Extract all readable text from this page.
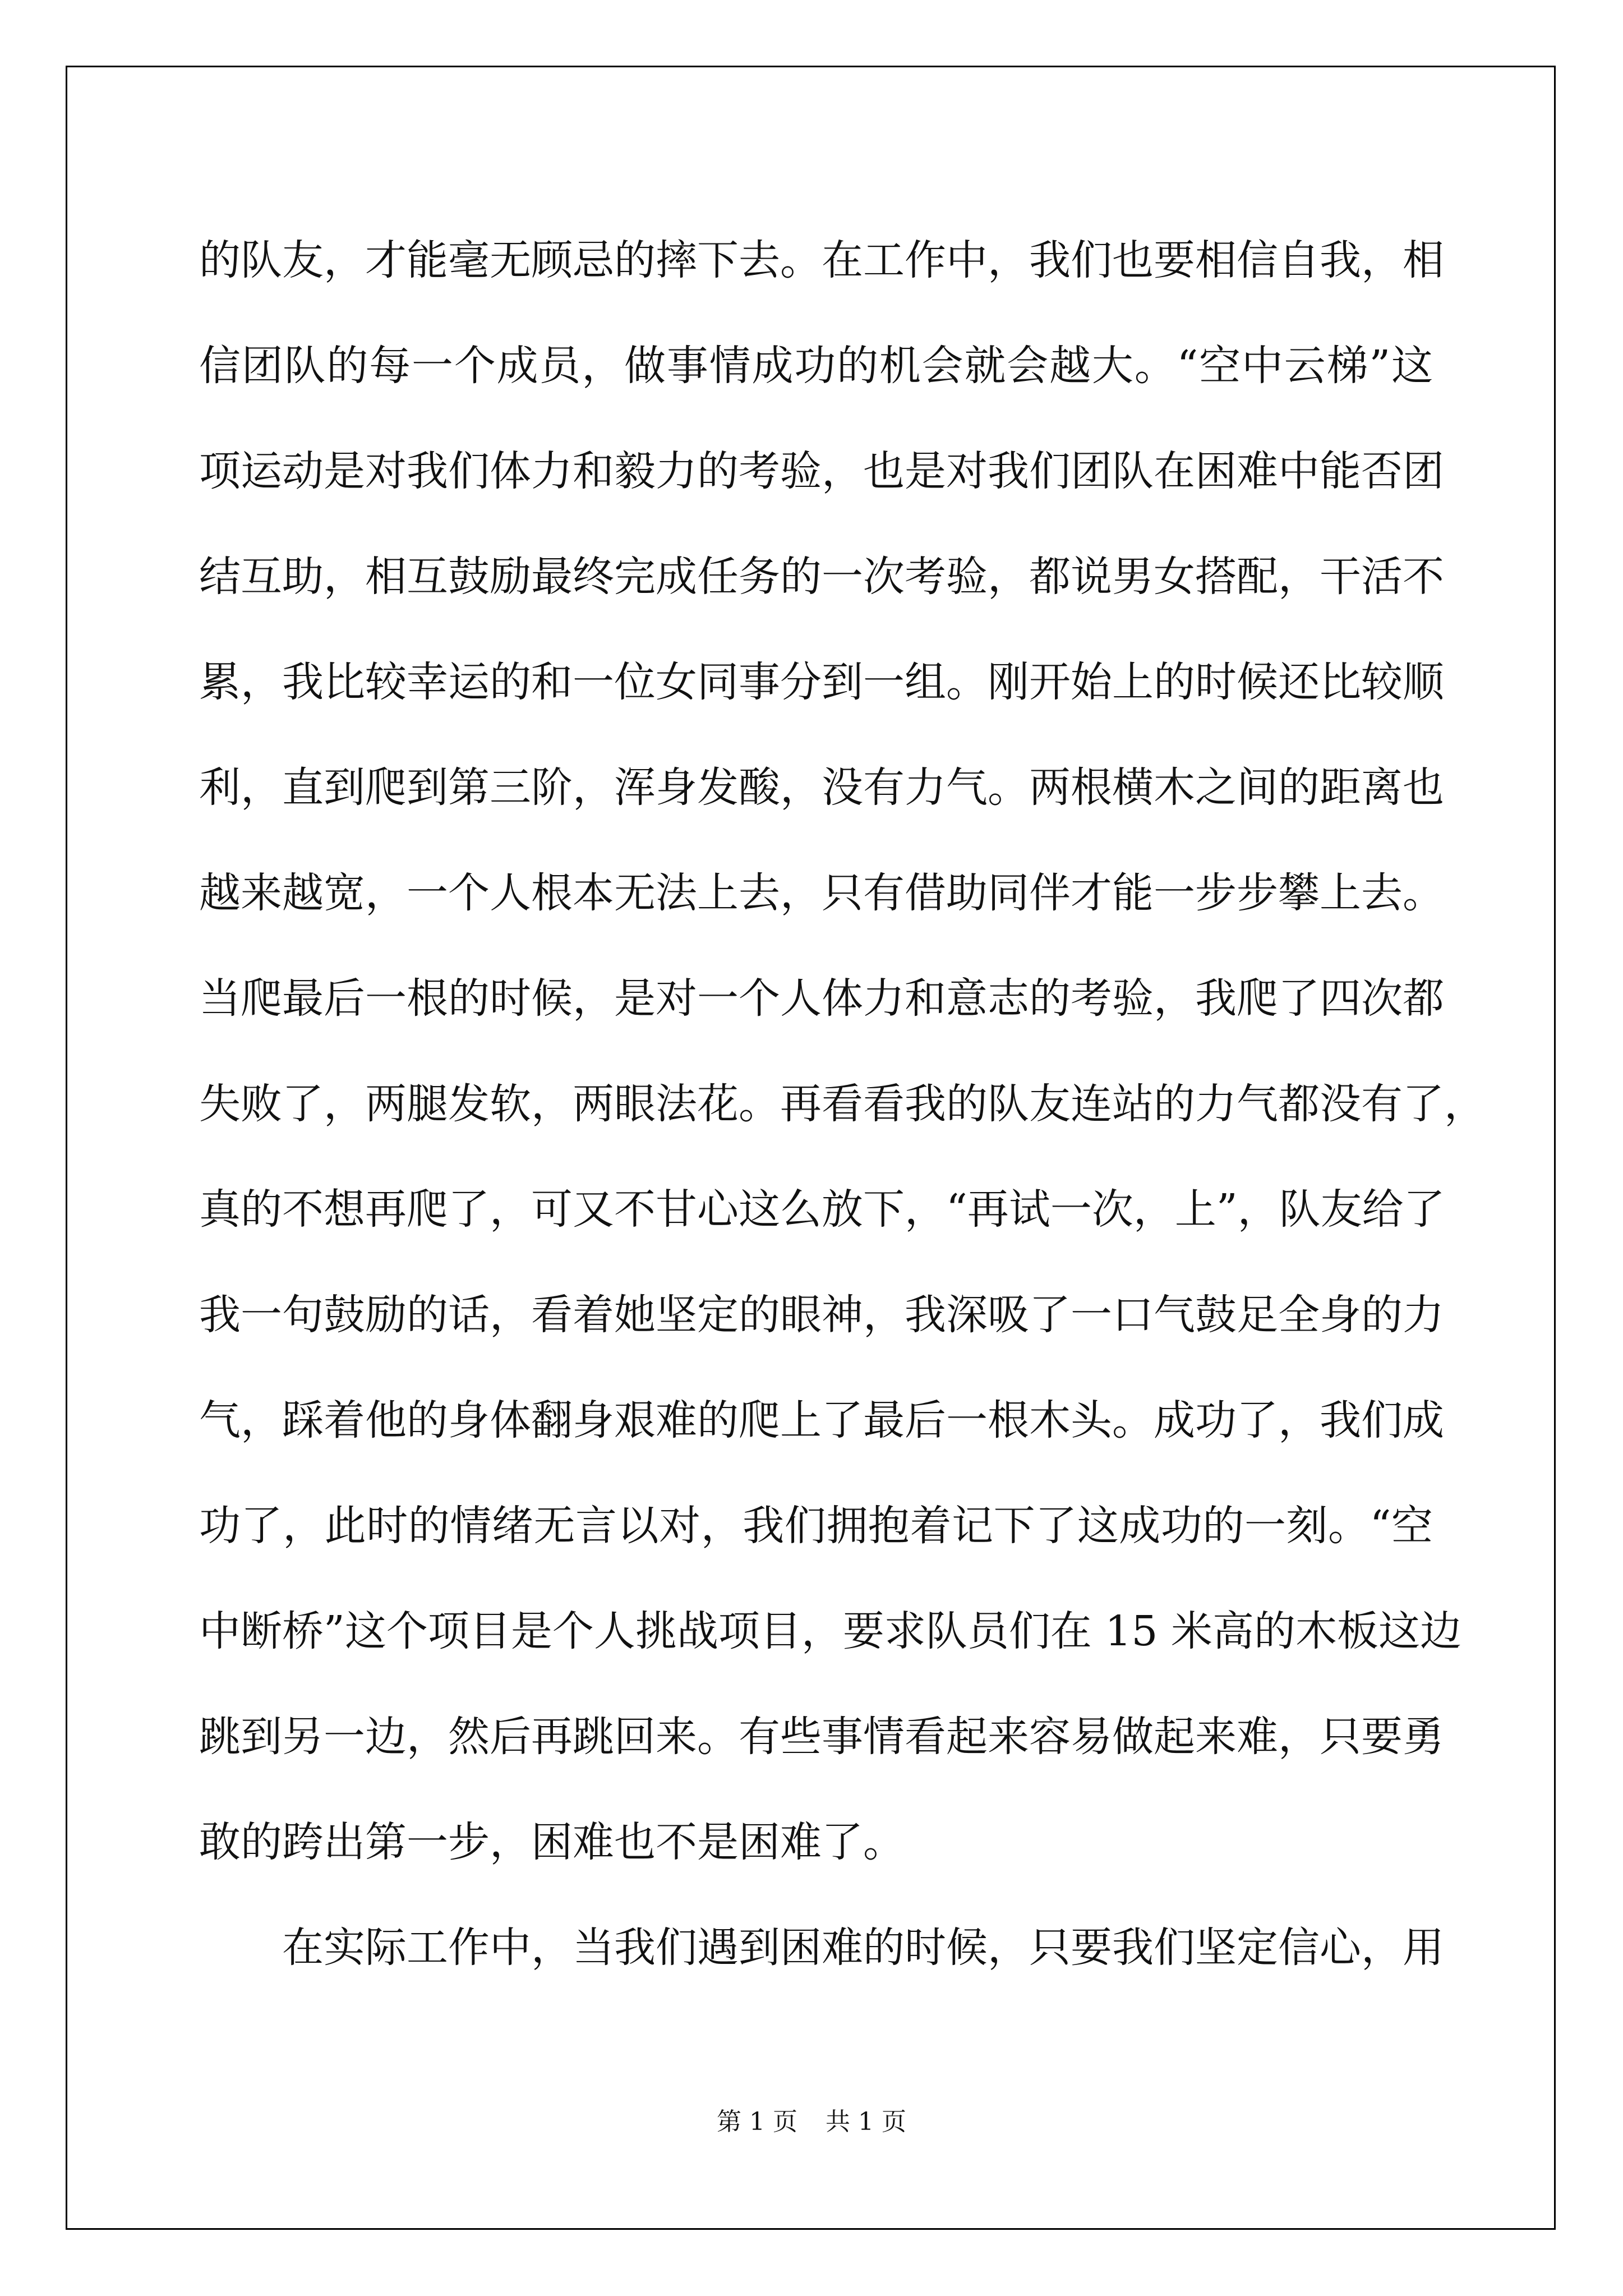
的队友，才能毫无顾忌的摔下去。在工作中，我们也要相信自我，相
信团队的每一个成员，做事情成功的机会就会越大。“空中云梯”这
项运动是对我们体力和毅力的考验，也是对我们团队在困难中能否团
结互助，相互鼓励最终完成任务的一次考验，都说男女搭配，干活不
累，我比较幸运的和一位女同事分到一组。刚开始上的时候还比较顺
利，直到爬到第三阶，浑身发酸，没有力气。两根横木之间的距离也
越来越宽，一个人根本无法上去，只有借助同伴才能一步步攀上去。
当爬最后一根的时候，是对一个人体力和意志的考验，我爬了四次都
失败了，两腿发软，两眼法花。再看看我的队友连站的力气都没有了，
真的不想再爬了，可又不甘心这么放下，“再试一次，上”，队友给了
我一句鼓励的话，看着她坚定的眼神，我深吸了一口气鼓足全身的力
气，踩着他的身体翻身艰难的爬上了最后一根木头。成功了，我们成
功了，此时的情绪无言以对，我们拥抱着记下了这成功的一刻。“空
中断桥”这个项目是个人挑战项目，要求队员们在 15 米高的木板这边
跳到另一边，然后再跳回来。有些事情看起来容易做起来难，只要勇
敢的跨出第一步，困难也不是困难了。
在实际工作中，当我们遇到困难的时候，只要我们坚定信心，用
第 1 页 共 1 页
